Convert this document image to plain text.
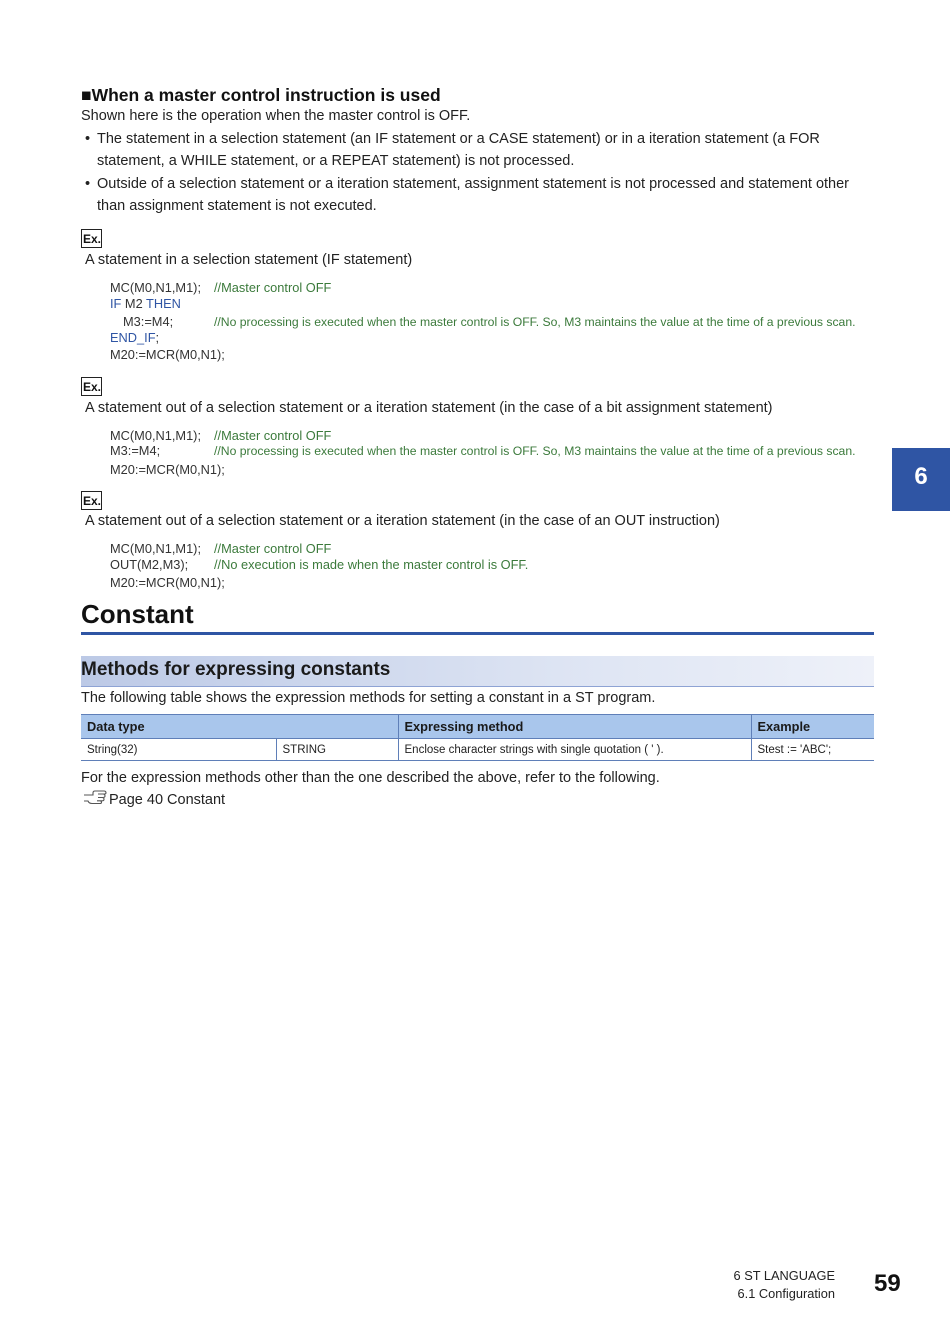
■When a master control instruction is used
Shown here is the operation when the master control is OFF.
• The statement in a selection statement (an IF statement or a CASE statement) or in a iteration statement (a FOR statement, a WHILE statement, or a REPEAT statement) is not processed.
• Outside of a selection statement or a iteration statement, assignment statement is not processed and statement other than assignment statement is not executed.
Ex.
A statement in a selection statement (IF statement)
MC(M0,N1,M1); //Master control OFF
IF M2 THEN
M3:=M4;	//No processing is executed when the master control is OFF. So, M3 maintains the value at the time of a previous scan.
END_IF;
M20:=MCR(M0,N1);
Ex.
A statement out of a selection statement or a iteration statement (in the case of a bit assignment statement)
MC(M0,N1,M1); //Master control OFF
M3:=M4;	//No processing is executed when the master control is OFF. So, M3 maintains the value at the time of a previous scan.
M20:=MCR(M0,N1);
Ex.
A statement out of a selection statement or a iteration statement (in the case of an OUT instruction)
MC(M0,N1,M1); //Master control OFF
OUT(M2,M3); //No execution is made when the master control is OFF.
M20:=MCR(M0,N1);
Constant
Methods for expressing constants
The following table shows the expression methods for setting a constant in a ST program.
Data type		Expressing method	Example
String(32)	STRING	Enclose character strings with single quotation ( ' ).	Stest := 'ABC';
For the expression methods other than the one described the above, refer to the following.
Page 40 Constant
6
6 ST LANGUAGE
6.1 Configuration 59
